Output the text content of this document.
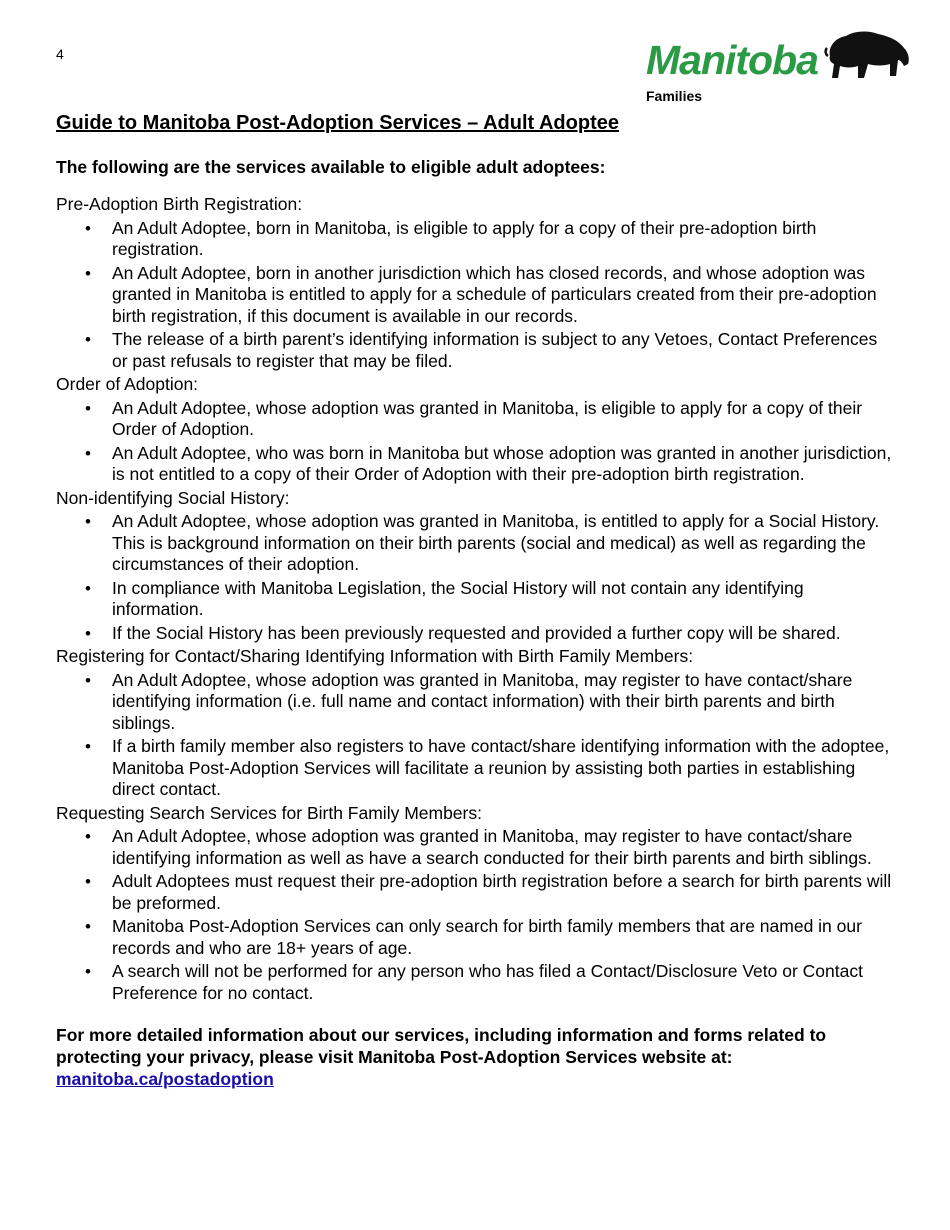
4	Manitoba
Families
Guide to Manitoba Post-Adoption Services – Adult Adoptee
The following are the services available to eligible adult adoptees:
Pre-Adoption Birth Registration:
• An Adult Adoptee, born in Manitoba, is eligible to apply for a copy of their pre-adoption birth registration.
• An Adult Adoptee, born in another jurisdiction which has closed records, and whose adoption was granted in Manitoba is entitled to apply for a schedule of particulars created from their pre-adoption birth registration, if this document is available in our records.
• The release of a birth parent’s identifying information is subject to any Vetoes, Contact Preferences or past refusals to register that may be filed.
Order of Adoption:
• An Adult Adoptee, whose adoption was granted in Manitoba, is eligible to apply for a copy of their Order of Adoption.
• An Adult Adoptee, who was born in Manitoba but whose adoption was granted in another jurisdiction, is not entitled to a copy of their Order of Adoption with their pre-adoption birth registration.
Non-identifying Social History:
• An Adult Adoptee, whose adoption was granted in Manitoba, is entitled to apply for a Social History. This is background information on their birth parents (social and medical) as well as regarding the circumstances of their adoption.
• In compliance with Manitoba Legislation, the Social History will not contain any identifying information.
• If the Social History has been previously requested and provided a further copy will be shared.
Registering for Contact/Sharing Identifying Information with Birth Family Members:
• An Adult Adoptee, whose adoption was granted in Manitoba, may register to have contact/share identifying information (i.e. full name and contact information) with their birth parents and birth siblings.
• If a birth family member also registers to have contact/share identifying information with the adoptee, Manitoba Post-Adoption Services will facilitate a reunion by assisting both parties in establishing direct contact.
Requesting Search Services for Birth Family Members:
• An Adult Adoptee, whose adoption was granted in Manitoba, may register to have contact/share identifying information as well as have a search conducted for their birth parents and birth siblings.
• Adult Adoptees must request their pre-adoption birth registration before a search for birth parents will be preformed.
• Manitoba Post-Adoption Services can only search for birth family members that are named in our records and who are 18+ years of age.
• A search will not be performed for any person who has filed a Contact/Disclosure Veto or Contact Preference for no contact.
For more detailed information about our services, including information and forms related to protecting your privacy, please visit Manitoba Post-Adoption Services website at:
manitoba.ca/postadoption
